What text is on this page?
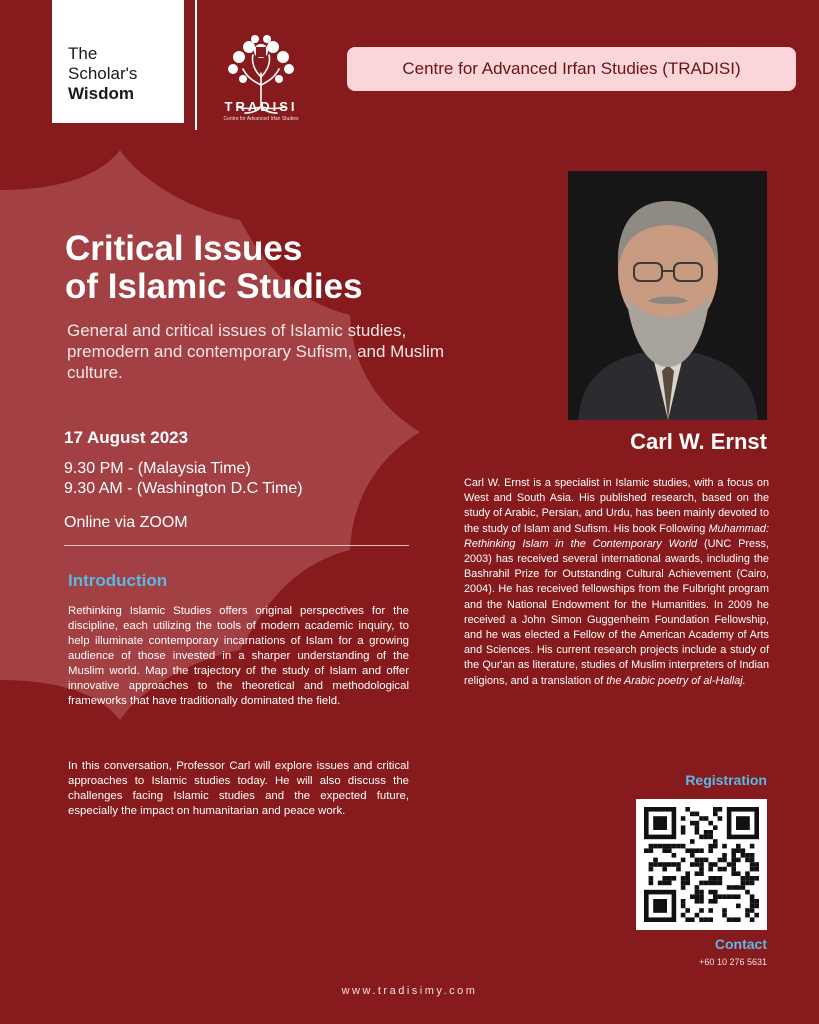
The
Scholar's
Wisdom
TRADISI
Centre for Advanced Irfan Studies
Centre for Advanced Irfan Studies (TRADISI)
Critical Issues
of Islamic Studies
General and critical issues of Islamic studies, premodern and contemporary Sufism, and Muslim culture.
17 August 2023
9.30 PM - (Malaysia Time)
9.30 AM - (Washington D.C Time)
Online via ZOOM
Introduction
Rethinking Islamic Studies offers original perspectives for the discipline, each utilizing the tools of modern academic inquiry, to help illuminate contemporary incarnations of Islam for a growing audience of those invested in a sharper understanding of the Muslim world. Map the trajectory of the study of Islam and offer innovative approaches to the theoretical and methodological frameworks that have traditionally dominated the field.
In this conversation, Professor Carl will explore issues and critical approaches to Islamic studies today. He will also discuss the challenges facing Islamic studies and the expected future, especially the impact on humanitarian and peace work.
Carl W. Ernst
Carl W. Ernst is a specialist in Islamic studies, with a focus on West and South Asia. His published research, based on the study of Arabic, Persian, and Urdu, has been mainly devoted to the study of Islam and Sufism. His book Following Muhammad: Rethinking Islam in the Contemporary World (UNC Press, 2003) has received several international awards, including the Bashrahil Prize for Outstanding Cultural Achievement (Cairo, 2004). He has received fellowships from the Fulbright program and the National Endowment for the Humanities. In 2009 he received a John Simon Guggenheim Foundation Fellowship, and he was elected a Fellow of the American Academy of Arts and Sciences. His current research projects include a study of the Qur'an as literature, studies of Muslim interpreters of Indian religions, and a translation of the Arabic poetry of al-Hallaj.
Registration
Contact
+60 10 276 5631
www.tradisimy.com
